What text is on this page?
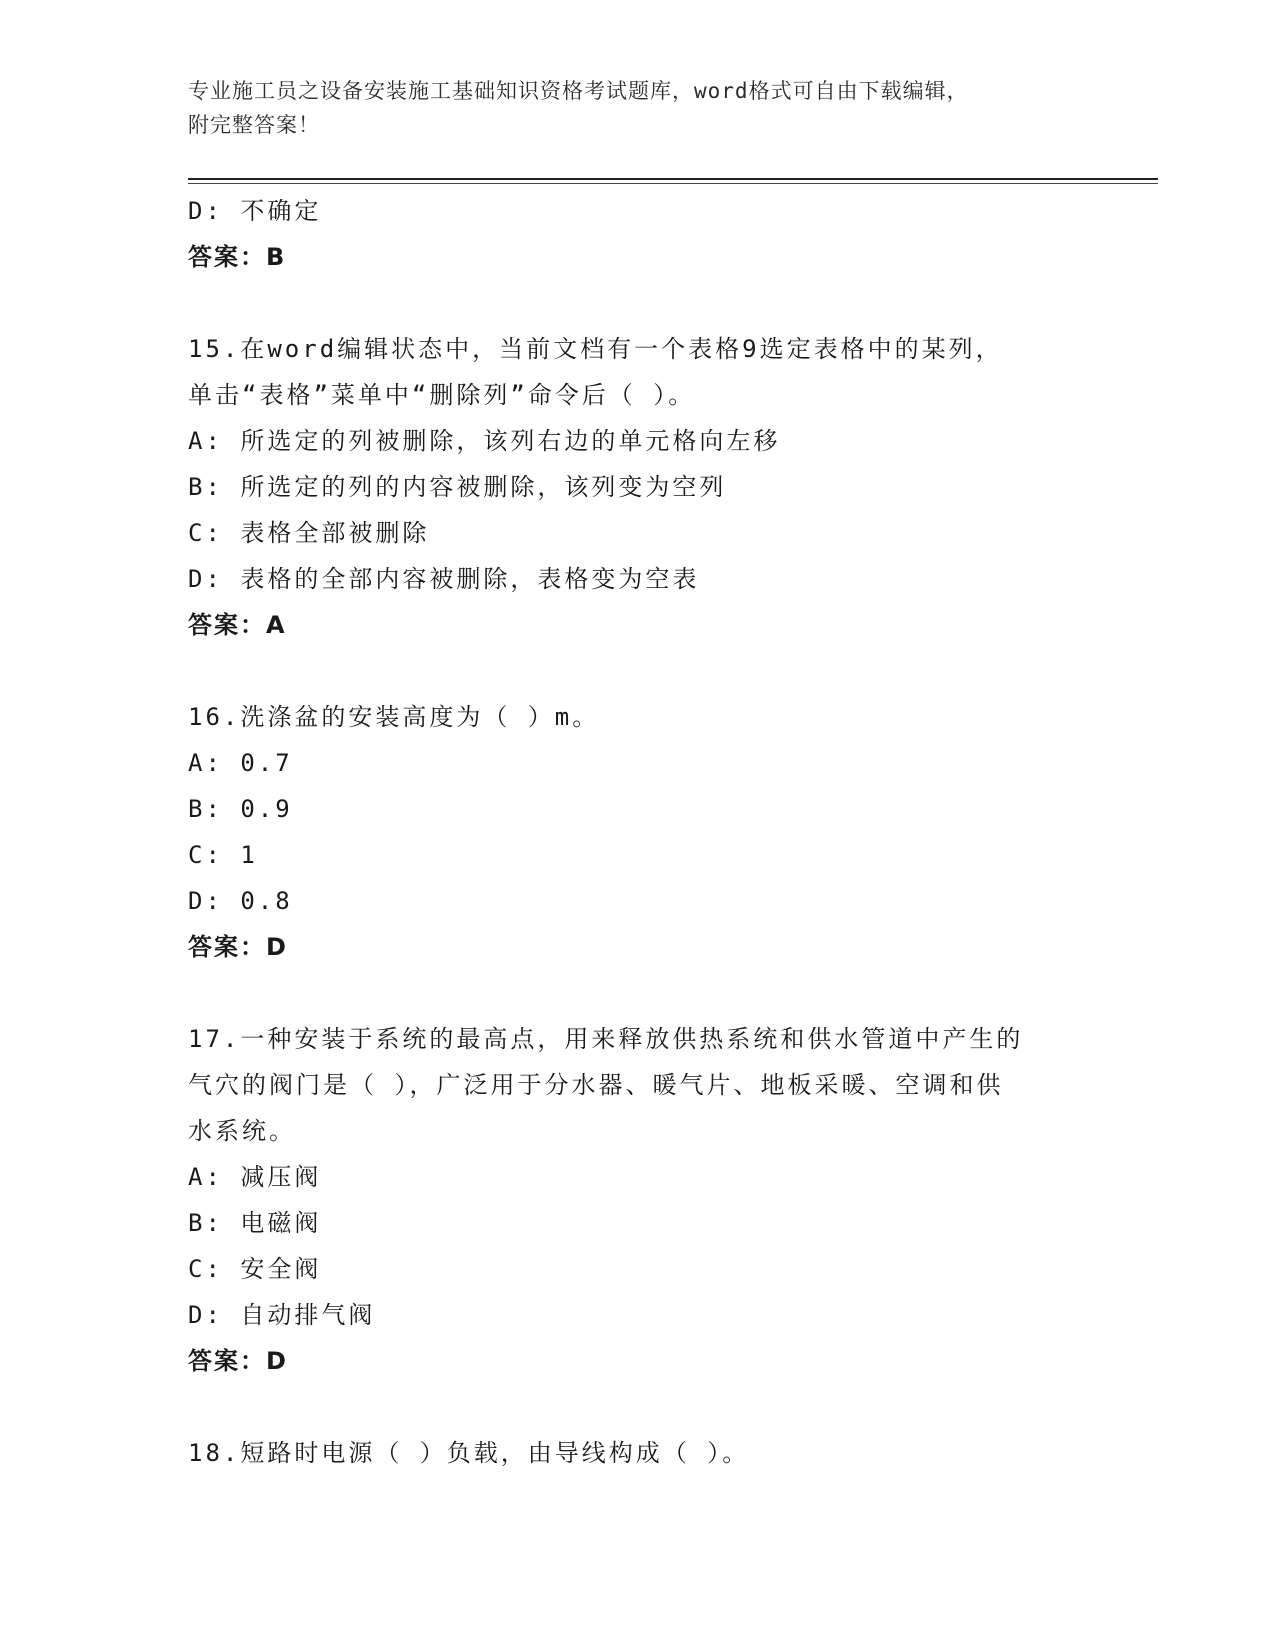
专业施工员之设备安装施工基础知识资格考试题库，word格式可自由下载编辑，
附完整答案！
D: 不确定
答案：B
15.在word编辑状态中，当前文档有一个表格9选定表格中的某列，
单击“表格”菜单中“删除列”命令后（ ）。
A: 所选定的列被删除，该列右边的单元格向左移
B: 所选定的列的内容被删除，该列变为空列
C: 表格全部被删除
D: 表格的全部内容被删除，表格变为空表
答案：A
16.洗涤盆的安装高度为（ ）m。
A: 0.7
B: 0.9
C: 1
D: 0.8
答案：D
17.一种安装于系统的最高点，用来释放供热系统和供水管道中产生的
气穴的阀门是（ ），广泛用于分水器、暖气片、地板采暖、空调和供
水系统。
A: 减压阀
B: 电磁阀
C: 安全阀
D: 自动排气阀
答案：D
18.短路时电源（ ）负载，由导线构成（ ）。
